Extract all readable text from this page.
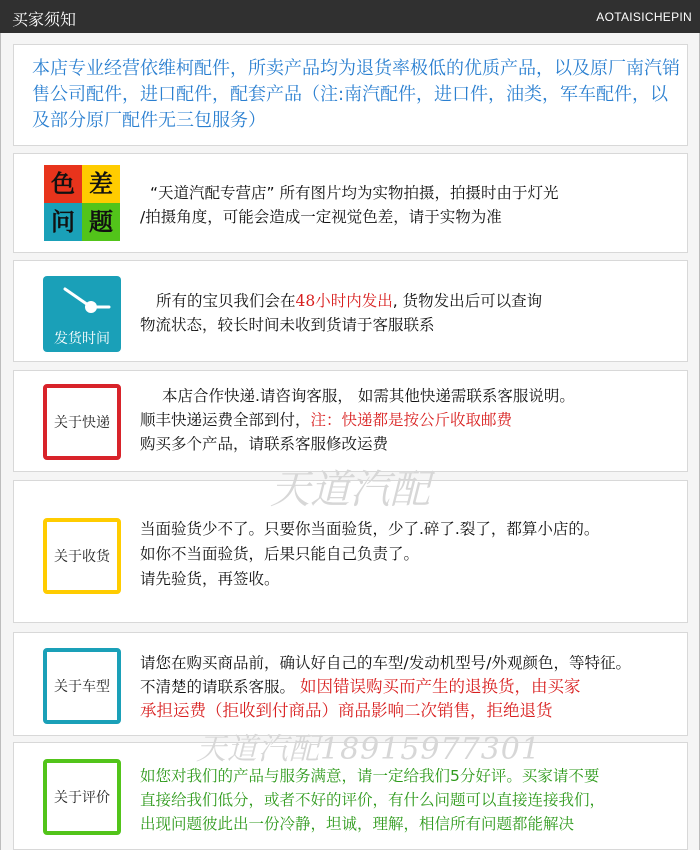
买家须知	AOTAISICHEPIN
本店专业经营依维柯配件，所卖产品均为退货率极低的优质产品，以及原厂南汽销售公司配件，进口配件，配套产品（注:南汽配件，进口件，油类，军车配件，以及部分原厂配件无三包服务）
色 差
问 题
“天道汽配专营店” 所有图片均为实物拍摄，拍摄时由于灯光
/拍摄角度，可能会造成一定视觉色差，请于实物为准
发货时间
所有的宝贝我们会在48小时内发出, 货物发出后可以查询
物流状态，较长时间未收到货请于客服联系
关于快递
本店合作快递.请咨询客服， 如需其他快递需联系客服说明。
顺丰快递运费全部到付，注：快递都是按公斤收取邮费
购买多个产品，请联系客服修改运费
关于收货
当面验货少不了。只要你当面验货，少了.碎了.裂了，都算小店的。
如你不当面验货，后果只能自己负责了。
请先验货，再签收。
关于车型
请您在购买商品前，确认好自己的车型/发动机型号/外观颜色，等特征。
不清楚的请联系客服。 如因错误购买而产生的退换货，由买家
承担运费（拒收到付商品）商品影响二次销售，拒绝退货
关于评价
如您对我们的产品与服务满意，请一定给我们5分好评。买家请不要
直接给我们低分，或者不好的评价，有什么问题可以直接连接我们，
出现问题彼此出一份冷静，坦诚，理解，相信所有问题都能解决
天道汽配
天道汽配18915977301
